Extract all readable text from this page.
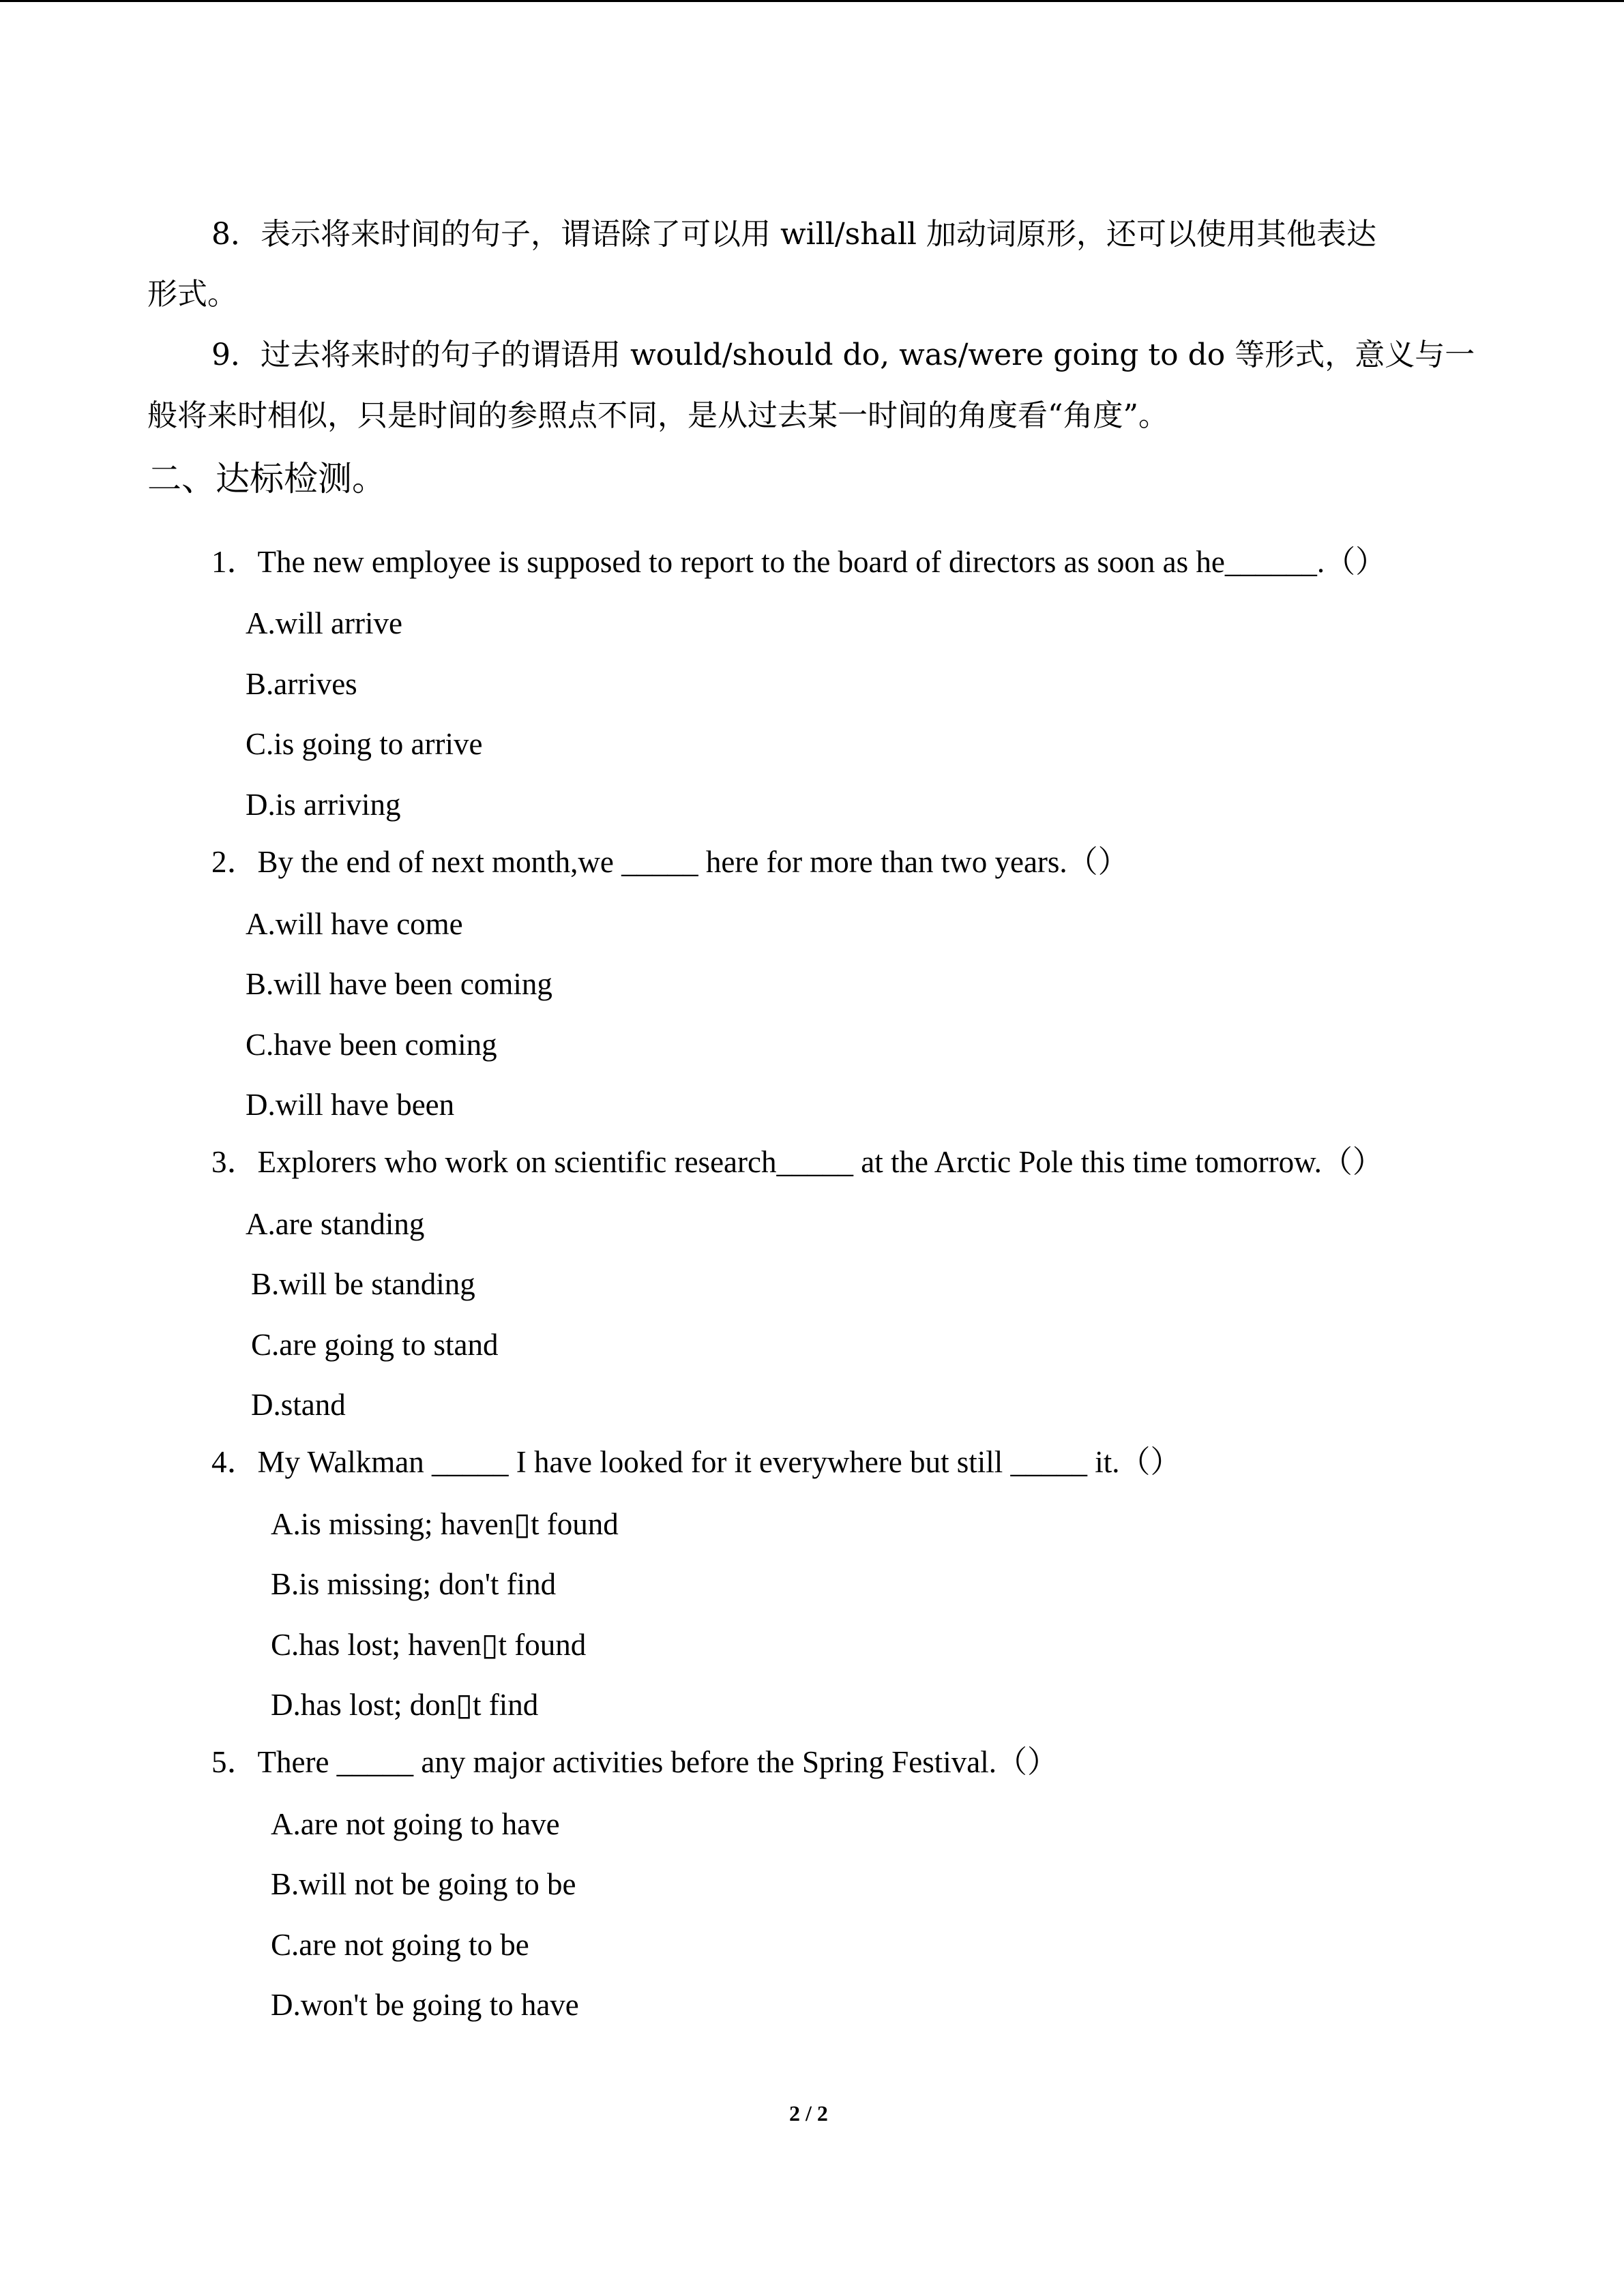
8．表示将来时间的句子，谓语除了可以用 will/shall 加动词原形，还可以使用其他表达
形式。
9．过去将来时的句子的谓语用 would/should do, was/were going to do 等形式，意义与一
般将来时相似，只是时间的参照点不同，是从过去某一时间的角度看“角度”。
二、达标检测。
1．The new employee is supposed to report to the board of directors as soon as he______.（）
A.will arrive
B.arrives
C.is going to arrive
D.is arriving
2．By the end of next month,we _____ here for more than two years.（）
A.will have come
B.will have been coming
C.have been coming
D.will have been
3．Explorers who work on scientific research_____ at the Arctic Pole this time tomorrow.（）
A.are standing
B.will be standing
C.are going to stand
D.stand
4．My Walkman _____ I have looked for it everywhere but still _____ it.（）
A.is missing; haven▯t found
B.is missing; don't find
C.has lost; haven▯t found
D.has lost; don▯t find
5．There _____ any major activities before the Spring Festival.（）
A.are not going to have
B.will not be going to be
C.are not going to be
D.won't be going to have
2 / 2
